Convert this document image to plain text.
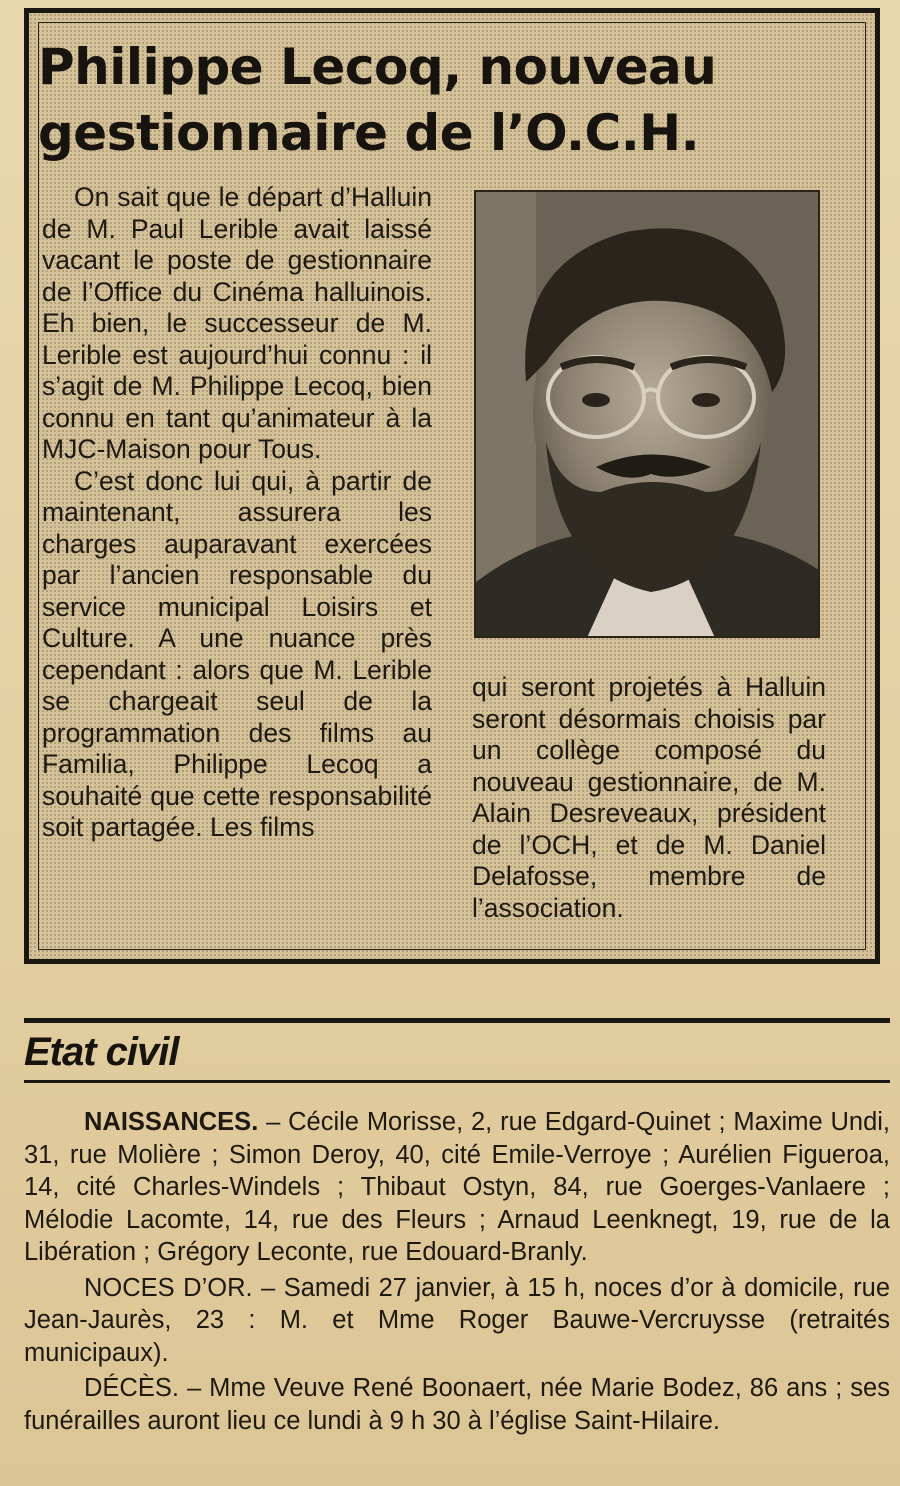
Philippe Lecoq, nouveau gestionnaire de l’O.C.H.

On sait que le départ d’Halluin de M. Paul Lerible avait laissé vacant le poste de gestionnaire de l’Office du Cinéma halluinois. Eh bien, le successeur de M. Lerible est aujourd’hui connu : il s’agit de M. Philippe Lecoq, bien connu en tant qu’animateur à la MJC-Maison pour Tous.

C’est donc lui qui, à partir de maintenant, assurera les charges auparavant exercées par l’ancien responsable du service municipal Loisirs et Culture. A une nuance près cependant : alors que M. Lerible se chargeait seul de la programmation des films au Familia, Philippe Lecoq a souhaité que cette responsabilité soit partagée. Les films

qui seront projetés à Halluin seront désormais choisis par un collège composé du nouveau gestionnaire, de M. Alain Desreveaux, président de l’OCH, et de M. Daniel Delafosse, membre de l’association.

Etat civil

NAISSANCES. – Cécile Morisse, 2, rue Edgard-Quinet ; Maxime Undi, 31, rue Molière ; Simon Deroy, 40, cité Emile-Verroye ; Aurélien Figueroa, 14, cité Charles-Windels ; Thibaut Ostyn, 84, rue Goerges-Vanlaere ; Mélodie Lacomte, 14, rue des Fleurs ; Arnaud Leenknegt, 19, rue de la Libération ; Grégory Leconte, rue Edouard-Branly.

NOCES D’OR. – Samedi 27 janvier, à 15 h, noces d’or à domicile, rue Jean-Jaurès, 23 : M. et Mme Roger Bauwe-Vercruysse (retraités municipaux).

DÉCÈS. – Mme Veuve René Boonaert, née Marie Bodez, 86 ans ; ses funérailles auront lieu ce lundi à 9 h 30 à l’église Saint-Hilaire.
